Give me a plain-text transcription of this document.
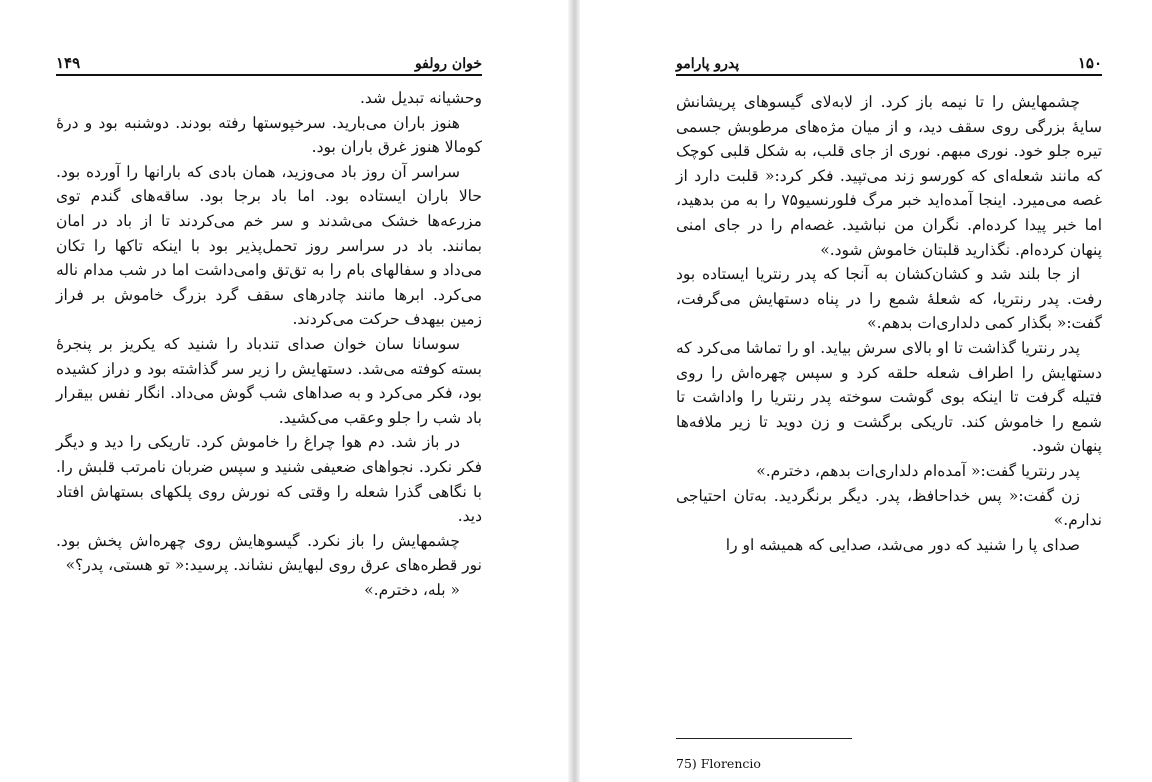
۱۴۹	خوان رولفو

وحشیانه تبدیل شد.

هنوز باران می‌بارید. سرخپوستها رفته بودند. دوشنبه بود و درهٔ کومالا هنوز غرق باران بود.

سراسر آن روز باد می‌وزید، همان بادی که بارانها را آورده بود. حالا باران ایستاده بود. اما باد برجا بود. ساقه‌های گندم توی مزرعه‌ها خشک می‌شدند و سر خم می‌کردند تا از باد در امان بمانند. باد در سراسر روز تحمل‌پذیر بود با اینکه تاکها را تکان می‌داد و سفالهای بام را به تق‌تق وامی‌داشت اما در شب مدام ناله می‌کرد. ابرها مانند چادرهای سقف گرد بزرگ خاموش بر فراز زمین بیهدف حرکت می‌کردند.

سوسانا سان خوان صدای تندباد را شنید که یکریز بر پنجرهٔ بسته کوفته می‌شد. دستهایش را زیر سر گذاشته بود و دراز کشیده بود، فکر می‌کرد و به صداهای شب گوش می‌داد. انگار نفس بیقرار باد شب را جلو وعقب می‌کشید.

در باز شد. دم هوا چراغ را خاموش کرد. تاریکی را دید و دیگر فکر نکرد. نجواهای ضعیفی شنید و سپس ضربان نامرتب قلبش را. با نگاهی گذرا شعله را وقتی که نورش روی پلکهای بستهاش افتاد دید.

چشمهایش را باز نکرد. گیسوهایش روی چهره‌اش پخش بود. نور قطره‌های عرق روی لبهایش نشاند. پرسید:« تو هستی، پدر؟»

« بله، دخترم.»

پدرو پارامو	۱۵۰

چشمهایش را تا نیمه باز کرد. از لابه‌لای گیسوهای پریشانش سایهٔ بزرگی روی سقف دید، و از میان مژه‌های مرطوبش جسمی تیره جلو خود. نوری مبهم. نوری از جای قلب، به شکل قلبی کوچک که مانند شعله‌ای که کورسو زند می‌تپید. فکر کرد:« قلبت دارد از غصه می‌میرد. اینجا آمده‌اید خبر مرگ فلورنسیو۷۵ را به من بدهید، اما خبر پیدا کرده‌ام. نگران من نباشید. غصه‌ام را در جای امنی پنهان کرده‌ام. نگذارید قلبتان خاموش شود.»

از جا بلند شد و کشان‌کشان به آنجا که پدر رنتریا ایستاده بود رفت. پدر رنتریا، که شعلهٔ شمع را در پناه دستهایش می‌گرفت، گفت:« بگذار کمی دلداری‌ات بدهم.»

پدر رنتریا گذاشت تا او بالای سرش بیاید. او را تماشا می‌کرد که دستهایش را اطراف شعله حلقه کرد و سپس چهره‌اش را روی فتیله گرفت تا اینکه بوی گوشت سوخته پدر رنتریا را واداشت تا شمع را خاموش کند. تاریکی برگشت و زن دوید تا زیر ملافه‌ها پنهان شود.

پدر رنتریا گفت:« آمده‌ام دلداری‌ات بدهم، دخترم.»

زن گفت:« پس خداحافظ، پدر. دیگر برنگردید. به‌تان احتیاجی ندارم.»

صدای پا را شنید که دور می‌شد، صدایی که همیشه او را

75) Florencio
